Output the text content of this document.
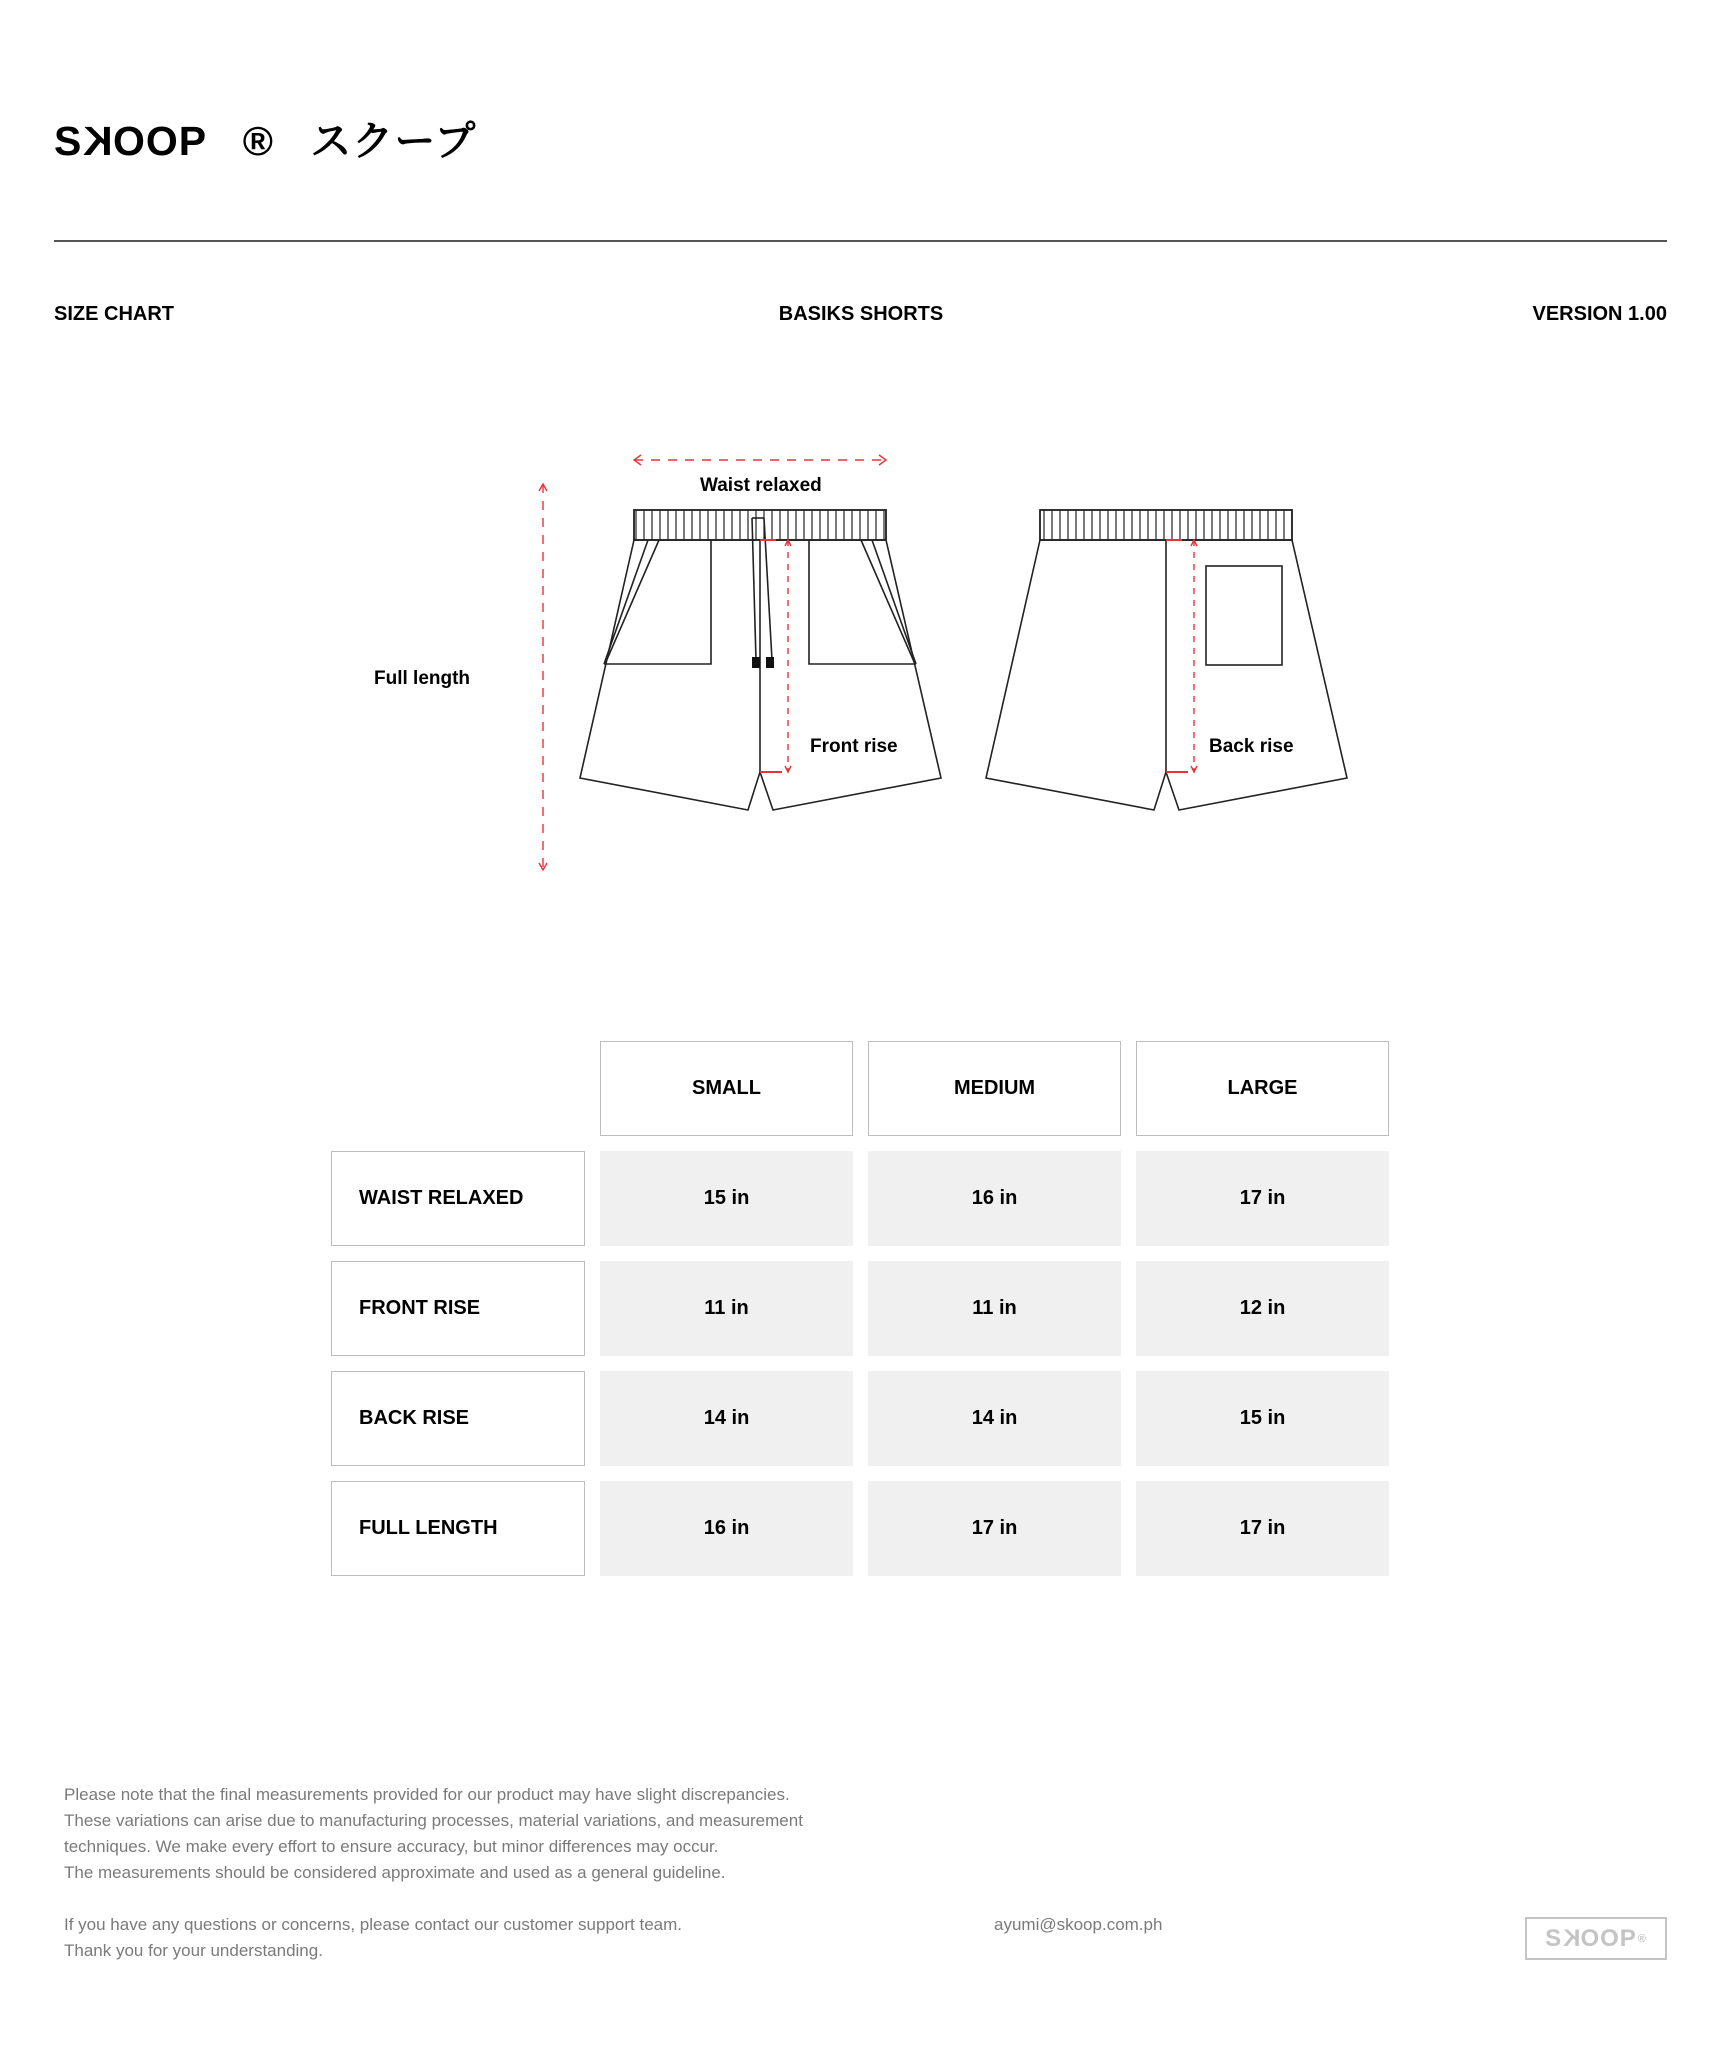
SKOOP ® スクープ
SIZE CHART	BASIKS SHORTS	VERSION 1.00
Waist relaxed
Full length
Front rise	Back rise
SMALL	MEDIUM	LARGE
WAIST RELAXED	15 in	16 in	17 in
FRONT RISE	11 in	11 in	12 in
BACK RISE	14 in	14 in	15 in
FULL LENGTH	16 in	17 in	17 in
Please note that the final measurements provided for our product may have slight discrepancies.
These variations can arise due to manufacturing processes, material variations, and measurement
techniques. We make every effort to ensure accuracy, but minor differences may occur.
The measurements should be considered approximate and used as a general guideline.
If you have any questions or concerns, please contact our customer support team.
Thank you for your understanding.
ayumi@skoop.com.ph	S K OOP ®
